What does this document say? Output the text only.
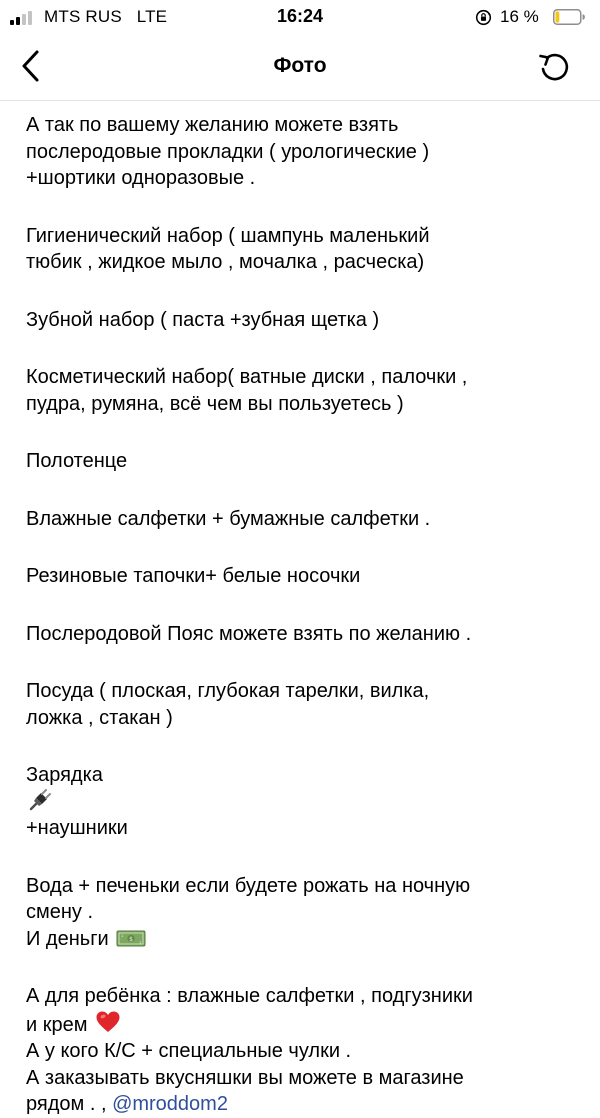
MTS RUS LTE	16:24	16 %
Фото

А так по вашему желанию можете взять
послеродовые прокладки ( урологические )
+шортики одноразовые .

Гигиенический набор ( шампунь маленький
тюбик , жидкое мыло , мочалка , расческа)

Зубной набор ( паста +зубная щетка )

Косметический набор( ватные диски , палочки ,
пудра, румяна, всё чем вы пользуетесь )

Полотенце

Влажные салфетки + бумажные салфетки .

Резиновые тапочки+ белые носочки

Послеродовой Пояс можете взять по желанию .

Посуда ( плоская, глубокая тарелки, вилка,
ложка , стакан )

Зарядка

+наушники

Вода + печеньки если будете рожать на ночную
смену .
И деньги	$
1
1

А для ребёнка : влажные салфетки , подгузники
и крем
А у кого К/С + специальные чулки .
А заказывать вкусняшки вы можете в магазине
рядом . , @mroddom2
